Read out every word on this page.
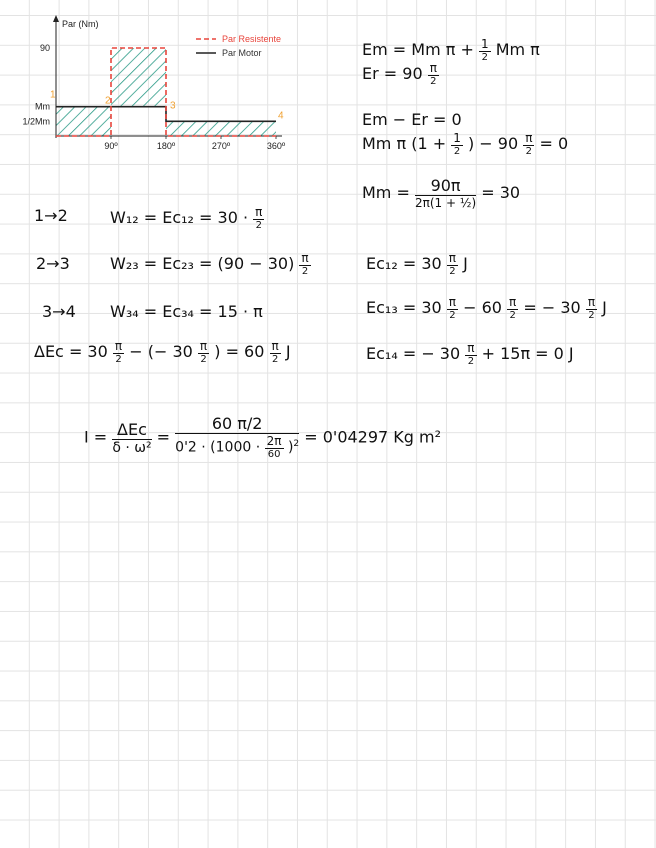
Par (Nm)
90
Mm
1/2Mm
90º	180º	270º	360º
1
2	3
4
Par Resistente
Par Motor	Em = Mm $\pi + \frac{1}{2}$ Mm π
$Er = 90 \frac{\pi}{2}$
Em − Er = 0
Mm π ($1 + \frac{1}{2}$ ) − $90 \frac{\pi}{2} = 0$
$Mm = \frac{90\pi}{\text{2π(1 + ½)}} = 30$
$Ec_{12} = 30 \frac{\pi}{2}$ J
$Ec_{13} = 30 \frac{\pi}{2} - 60 \frac{\pi}{2}$ = − $30 \frac{\pi}{2}$ J
Ec₁₄ = − $30 \frac{\pi}{2} + 15\pi = 0$ J
1→2	$W_{12} = Ec_{12} = 30 \cdot \frac{\pi}{2}$
2→3	$W_{23} = Ec_{23} = (90 - 30) \frac{\pi}{2}$
3→4 W₃₄ = Ec₃₄ = 15 · π
$\Delta Ec = 30 \frac{\pi}{2}$ − (− $30 \frac{\pi}{2}$ ) = $60 \frac{\pi}{2}$ J
$I = \frac{\text{ΔEc}}{\text{δ · ω²}} = \frac{60 \pi/2}{0'2 \cdot (1000 \cdot \frac{2\pi}{60} )^2} = 0'04297$ Kg m²
